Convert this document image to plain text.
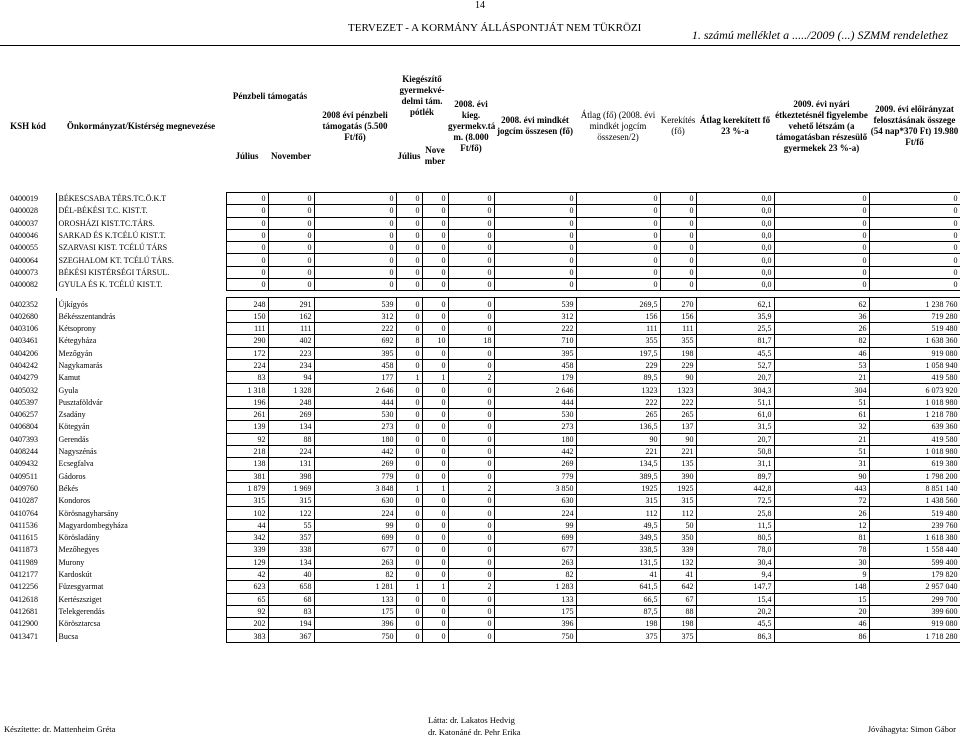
14
TERVEZET - A KORMÁNY ÁLLÁSPONTJÁT NEM TÜKRÖZI	1. számú melléklet a ...../2009 (...) SZMM rendelethez
KSH kód	Önkormányzat/Kistérség megnevezése	Pénzbeli támogatás		2008 évi pénzbeli támogatás (5.500 Ft/fő)	Kiegészítő gyermekvé-delmi tám. pótlék		2008. évi kieg. gyermekv.tá m. (8.000 Ft/fő)	2008. évi mindkét jogcím összesen (fő)	Átlag (fő) (2008. évi mindkét jogcím összesen/2)	Kerekítés (fő)	Átlag kerekített fő 23 %-a	2009. évi nyári étkeztetésnél figyelembe vehető létszám (a támogatásban részesülő gyermekek 23 %-a)	2009. évi előirányzat felosztásának összege (54 nap*370 Ft) 19.980 Ft/fő
		Július	November		Július	Nove mber							

0400019	BÉKESCSABA TÉRS.TC.Ö.K.T	0	0	0	0	0	0	0	0	0	0,0	0	0
0400028	DÉL-BÉKÉSI T.C. KIST.T.	0	0	0	0	0	0	0	0	0	0,0	0	0
0400037	OROSHÁZI KIST.TC.TÁRS.	0	0	0	0	0	0	0	0	0	0,0	0	0
0400046	SARKAD ÉS K.TCÉLÚ KIST.T.	0	0	0	0	0	0	0	0	0	0,0	0	0
0400055	SZARVASI KIST. TCÉLÚ TÁRS	0	0	0	0	0	0	0	0	0	0,0	0	0
0400064	SZEGHALOM KT. TCÉLÚ TÁRS.	0	0	0	0	0	0	0	0	0	0,0	0	0
0400073	BÉKÉSI KISTÉRSÉGI TÁRSUL.	0	0	0	0	0	0	0	0	0	0,0	0	0
0400082	GYULA ÉS K. TCÉLÚ KIST.T.	0	0	0	0	0	0	0	0	0	0,0	0	0

0402352	Újkígyós	248	291	539	0	0	0	539	269,5	270	62,1	62	1 238 760
0402680	Békésszentandrás	150	162	312	0	0	0	312	156	156	35,9	36	719 280
0403106	Kétsoprony	111	111	222	0	0	0	222	111	111	25,5	26	519 480
0403461	Kétegyháza	290	402	692	8	10	18	710	355	355	81,7	82	1 638 360
0404206	Mezőgyán	172	223	395	0	0	0	395	197,5	198	45,5	46	919 080
0404242	Nagykamarás	224	234	458	0	0	0	458	229	229	52,7	53	1 058 940
0404279	Kamut	83	94	177	1	1	2	179	89,5	90	20,7	21	419 580
0405032	Gyula	1 318	1 328	2 646	0	0	0	2 646	1323	1323	304,3	304	6 073 920
0405397	Pusztaföldvár	196	248	444	0	0	0	444	222	222	51,1	51	1 018 980
0406257	Zsadány	261	269	530	0	0	0	530	265	265	61,0	61	1 218 780
0406804	Kötegyán	139	134	273	0	0	0	273	136,5	137	31,5	32	639 360
0407393	Gerendás	92	88	180	0	0	0	180	90	90	20,7	21	419 580
0408244	Nagyszénás	218	224	442	0	0	0	442	221	221	50,8	51	1 018 980
0409432	Ecsegfalva	138	131	269	0	0	0	269	134,5	135	31,1	31	619 380
0409511	Gádoros	381	398	779	0	0	0	779	389,5	390	89,7	90	1 798 200
0409760	Békés	1 879	1 969	3 848	1	1	2	3 850	1925	1925	442,8	443	8 851 140
0410287	Kondoros	315	315	630	0	0	0	630	315	315	72,5	72	1 438 560
0410764	Körösnagyharsány	102	122	224	0	0	0	224	112	112	25,8	26	519 480
0411536	Magyardombegyháza	44	55	99	0	0	0	99	49,5	50	11,5	12	239 760
0411615	Körösladány	342	357	699	0	0	0	699	349,5	350	80,5	81	1 618 380
0411873	Mezőhegyes	339	338	677	0	0	0	677	338,5	339	78,0	78	1 558 440
0411989	Murony	129	134	263	0	0	0	263	131,5	132	30,4	30	599 400
0412177	Kardoskút	42	40	82	0	0	0	82	41	41	9,4	9	179 820
0412256	Füzesgyarmat	623	658	1 281	1	1	2	1 283	641,5	642	147,7	148	2 957 040
0412618	Kertészsziget	65	68	133	0	0	0	133	66,5	67	15,4	15	299 700
0412681	Telekgerendás	92	83	175	0	0	0	175	87,5	88	20,2	20	399 600
0412900	Körösztarcsa	202	194	396	0	0	0	396	198	198	45,5	46	919 080
0413471	Bucsa	383	367	750	0	0	0	750	375	375	86,3	86	1 718 280
Készítette: dr. Mattenheim Gréta
Látta: dr. Lakatos Hedvig
dr. Katonáné dr. Pehr Erika	Jóváhagyta: Simon Gábor
